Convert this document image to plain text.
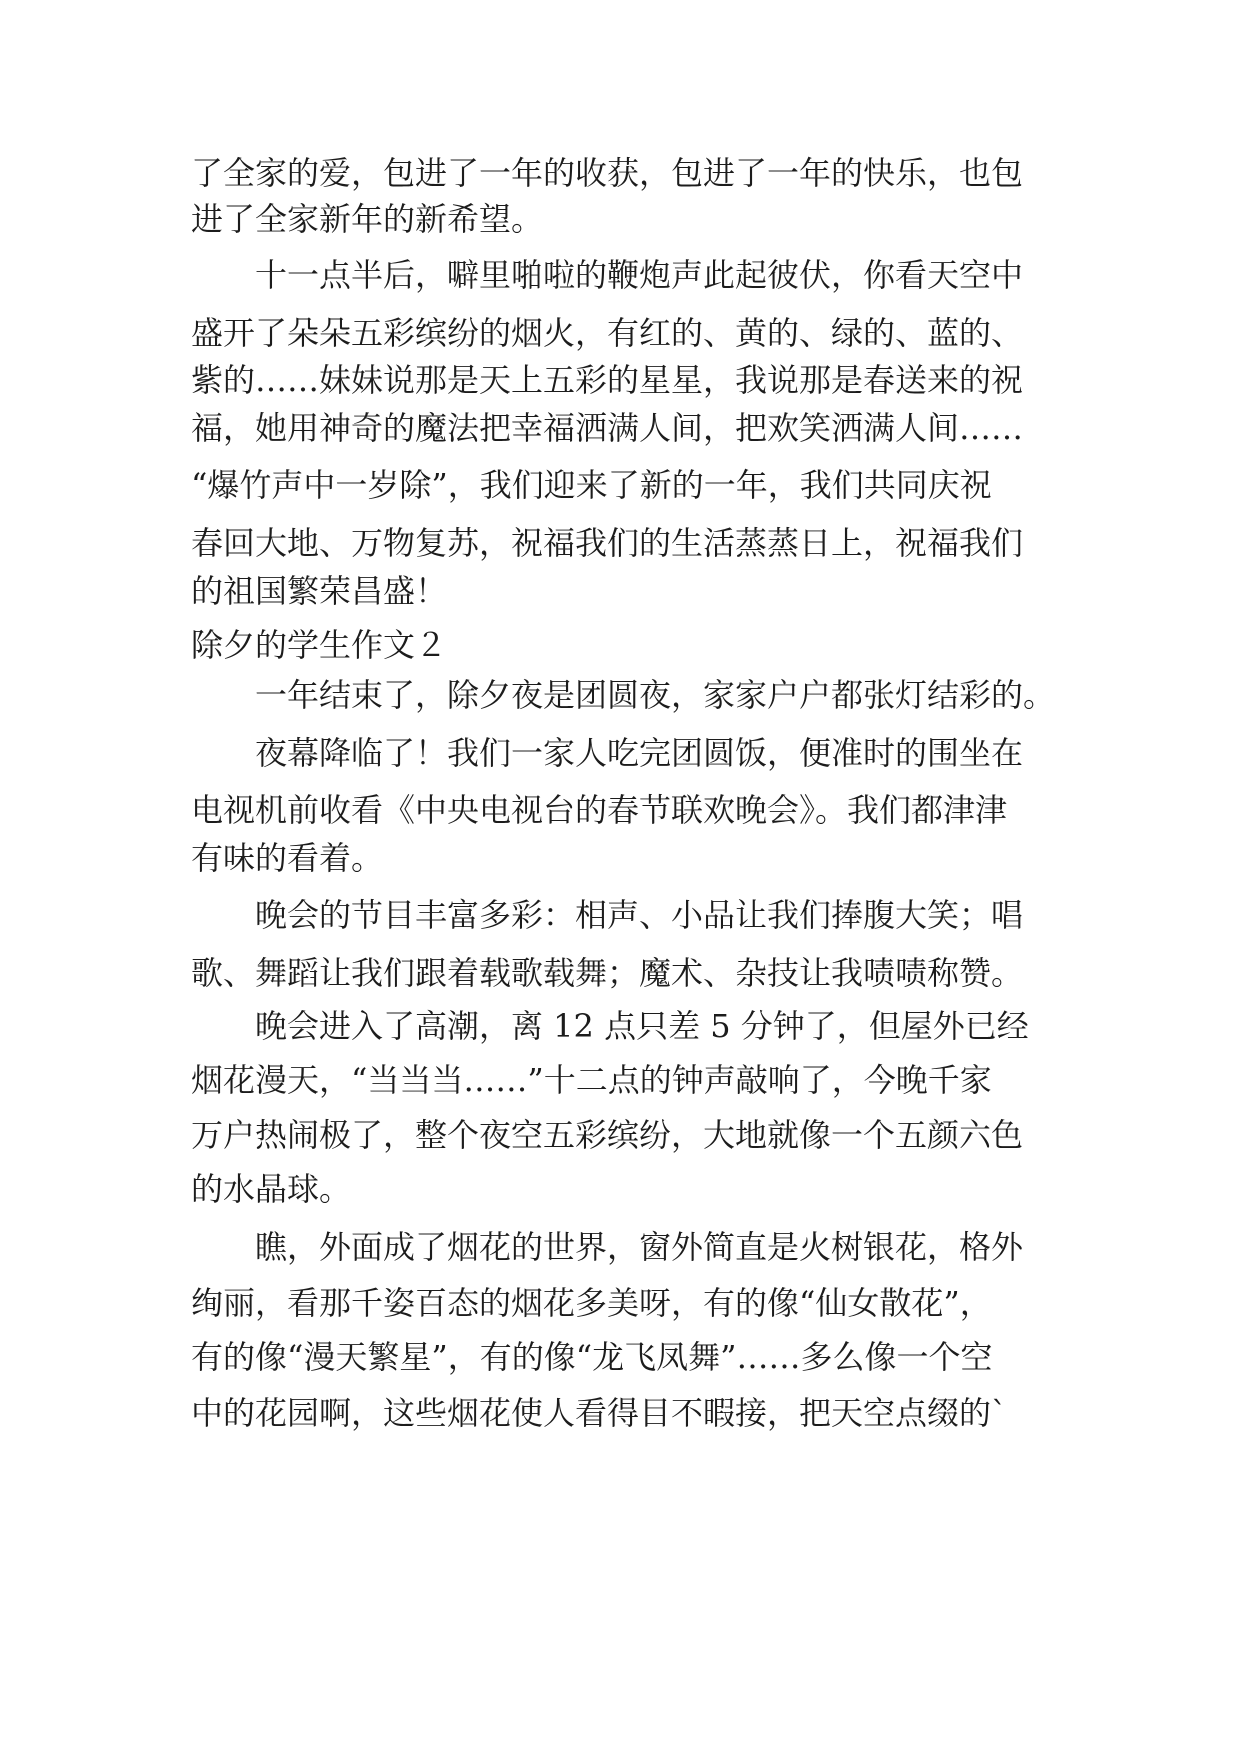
了全家的爱，包进了一年的收获，包进了一年的快乐，也包
进了全家新年的新希望。
十一点半后，噼里啪啦的鞭炮声此起彼伏，你看天空中
盛开了朵朵五彩缤纷的烟火，有红的、黄的、绿的、蓝的、
紫的……妹妹说那是天上五彩的星星，我说那是春送来的祝
福，她用神奇的魔法把幸福洒满人间，把欢笑洒满人间……
“爆竹声中一岁除”，我们迎来了新的一年，我们共同庆祝
春回大地、万物复苏，祝福我们的生活蒸蒸日上，祝福我们
的祖国繁荣昌盛！
除夕的学生作文２
一年结束了，除夕夜是团圆夜，家家户户都张灯结彩的。
夜幕降临了！我们一家人吃完团圆饭，便准时的围坐在
电视机前收看《中央电视台的春节联欢晚会》。我们都津津
有味的看着。
晚会的节目丰富多彩：相声、小品让我们捧腹大笑；唱
歌、舞蹈让我们跟着载歌载舞；魔术、杂技让我啧啧称赞。
晚会进入了高潮，离 12 点只差 5 分钟了，但屋外已经
烟花漫天，“当当当……”十二点的钟声敲响了，今晚千家
万户热闹极了，整个夜空五彩缤纷，大地就像一个五颜六色
的水晶球。
瞧，外面成了烟花的世界，窗外简直是火树银花，格外
绚丽，看那千姿百态的烟花多美呀，有的像“仙女散花”，
有的像“漫天繁星”，有的像“龙飞凤舞”……多么像一个空
中的花园啊，这些烟花使人看得目不暇接，把天空点缀的`
